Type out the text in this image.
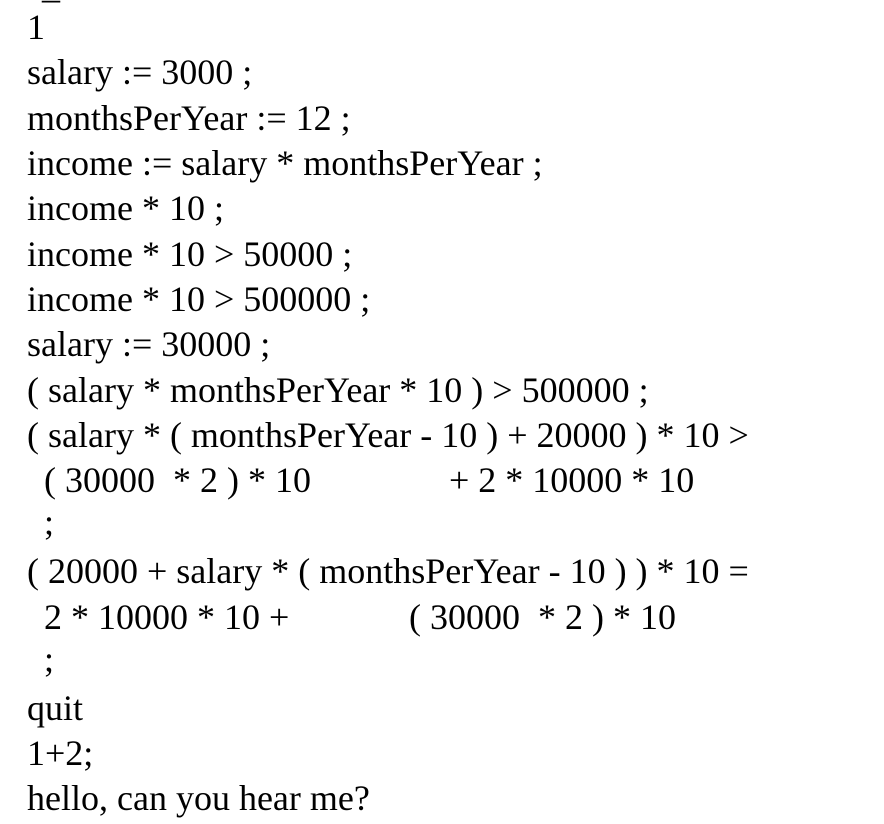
1
salary := 3000 ;
monthsPerYear := 12 ;
income := salary * monthsPerYear ;
income * 10 ;
income * 10 > 50000 ;
income * 10 > 500000 ;
salary := 30000 ;
( salary * monthsPerYear * 10 ) > 500000 ;
( salary * ( monthsPerYear - 10 ) + 20000 ) * 10 >

( 30000  * 2 ) * 10

	+ 2 * 10000 * 10

;
( 20000 + salary * ( monthsPerYear - 10 ) ) * 10 =

2 * 10000 * 10 +

	( 30000  * 2 ) * 10

;
quit
1+2;
hello, can you hear me?
